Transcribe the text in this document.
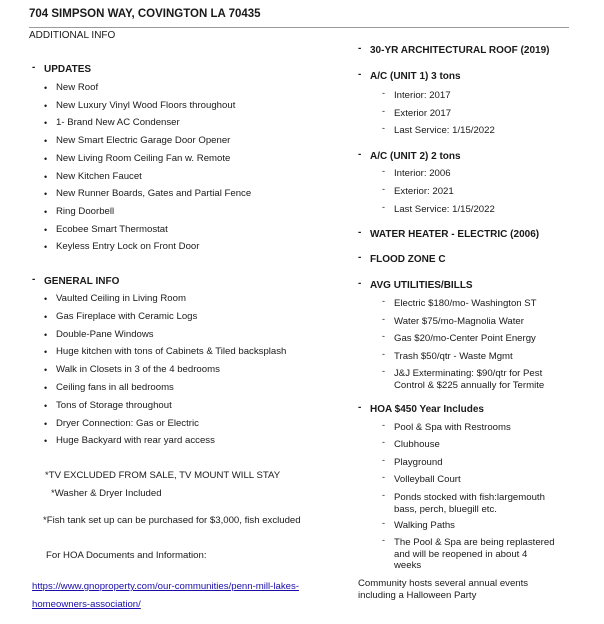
704 SIMPSON WAY, COVINGTON LA 70435
ADDITIONAL INFO
- UPDATES
• New Roof
• New Luxury Vinyl Wood Floors throughout
• 1- Brand New AC Condenser
• New Smart Electric Garage Door Opener
• New Living Room Ceiling Fan w. Remote
• New Kitchen Faucet
• New Runner Boards, Gates and Partial Fence
• Ring Doorbell
• Ecobee Smart Thermostat
• Keyless Entry Lock on Front Door
- GENERAL INFO
• Vaulted Ceiling in Living Room
• Gas Fireplace with Ceramic Logs
• Double-Pane Windows
• Huge kitchen with tons of Cabinets & Tiled backsplash
• Walk in Closets in 3 of the 4 bedrooms
• Ceiling fans in all bedrooms
• Tons of Storage throughout
• Dryer Connection: Gas or Electric
• Huge Backyard with rear yard access
*TV EXCLUDED FROM SALE, TV MOUNT WILL STAY
*Washer & Dryer Included
*Fish tank set up can be purchased for $3,000, fish excluded
For HOA Documents and Information:
https://www.gnoproperty.com/our-communities/penn-mill-lakes-
homeowners-association/
- 30-YR ARCHITECTURAL ROOF (2019)
- A/C (UNIT 1) 3 tons
- Interior: 2017
- Exterior 2017
- Last Service: 1/15/2022
- A/C (UNIT 2) 2 tons
- Interior: 2006
- Exterior: 2021
- Last Service: 1/15/2022
- WATER HEATER - ELECTRIC (2006)
- FLOOD ZONE C
- AVG UTILITIES/BILLS
- Electric $180/mo- Washington ST
- Water $75/mo-Magnolia Water
- Gas $20/mo-Center Point Energy
- Trash $50/qtr - Waste Mgmt
- J&J Exterminating: $90/qtr for Pest
Control & $225 annually for Termite
- HOA $450 Year Includes
- Pool & Spa with Restrooms
- Clubhouse
- Playground
- Volleyball Court
- Ponds stocked with fish:largemouth
bass, perch, bluegill etc.
- Walking Paths
- The Pool & Spa are being replastered
and will be reopened in about 4
weeks
Community hosts several annual events
including a Halloween Party
